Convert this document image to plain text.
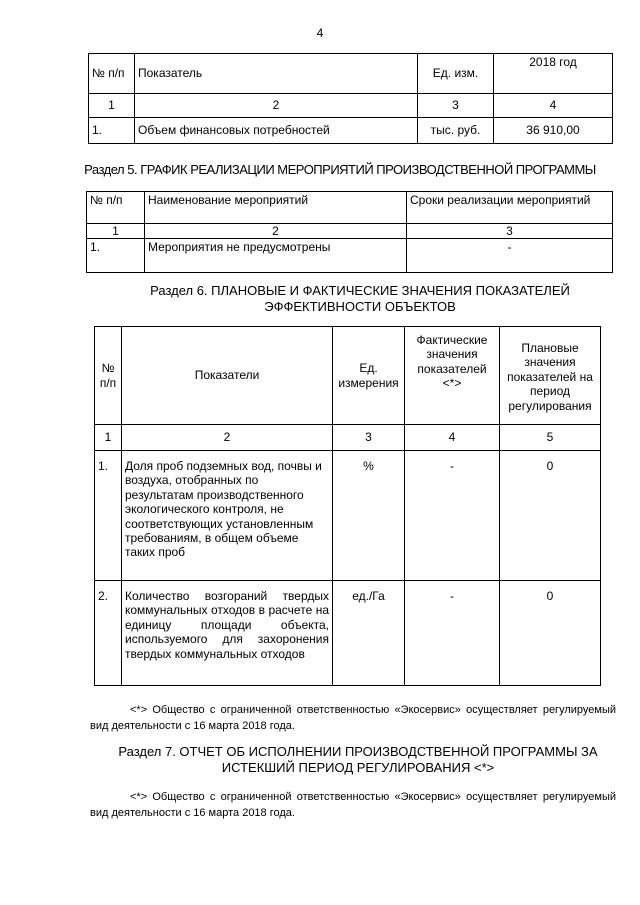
4
№ п/п	Показатель	Ед. изм.	2018 год
1	2	3	4
1.	Объем финансовых потребностей	тыс. руб.	36 910,00
Раздел 5. ГРАФИК РЕАЛИЗАЦИИ МЕРОПРИЯТИЙ ПРОИЗВОДСТВЕННОЙ ПРОГРАММЫ
№ п/п	Наименование мероприятий	Сроки реализации мероприятий
1	2	3
1.	Мероприятия не предусмотрены	-
Раздел 6. ПЛАНОВЫЕ И ФАКТИЧЕСКИЕ ЗНАЧЕНИЯ ПОКАЗАТЕЛЕЙ
ЭФФЕКТИВНОСТИ ОБЪЕКТОВ
№ п/п	Показатели	Ед. измерения	Фактические значения показателей <*>	Плановые значения показателей на период регулирования
1	2	3	4	5
1.	Доля проб подземных вод, почвы и воздуха, отобранных по результатам производственного экологического контроля, не соответствующих установленным требованиям, в общем объеме таких проб	%	-	0
2.	Количество возгораний твердых коммунальных отходов в расчете на единицу площади объекта, используемого для захоронения твердых коммунальных отходов	ед./Га	-	0
<*> Общество с ограниченной ответственностью «Экосервис» осуществляет регулируемый вид деятельности с 16 марта 2018 года.
Раздел 7. ОТЧЕТ ОБ ИСПОЛНЕНИИ ПРОИЗВОДСТВЕННОЙ ПРОГРАММЫ ЗА
ИСТЕКШИЙ ПЕРИОД РЕГУЛИРОВАНИЯ <*>
<*> Общество с ограниченной ответственностью «Экосервис» осуществляет регулируемый вид деятельности с 16 марта 2018 года.
